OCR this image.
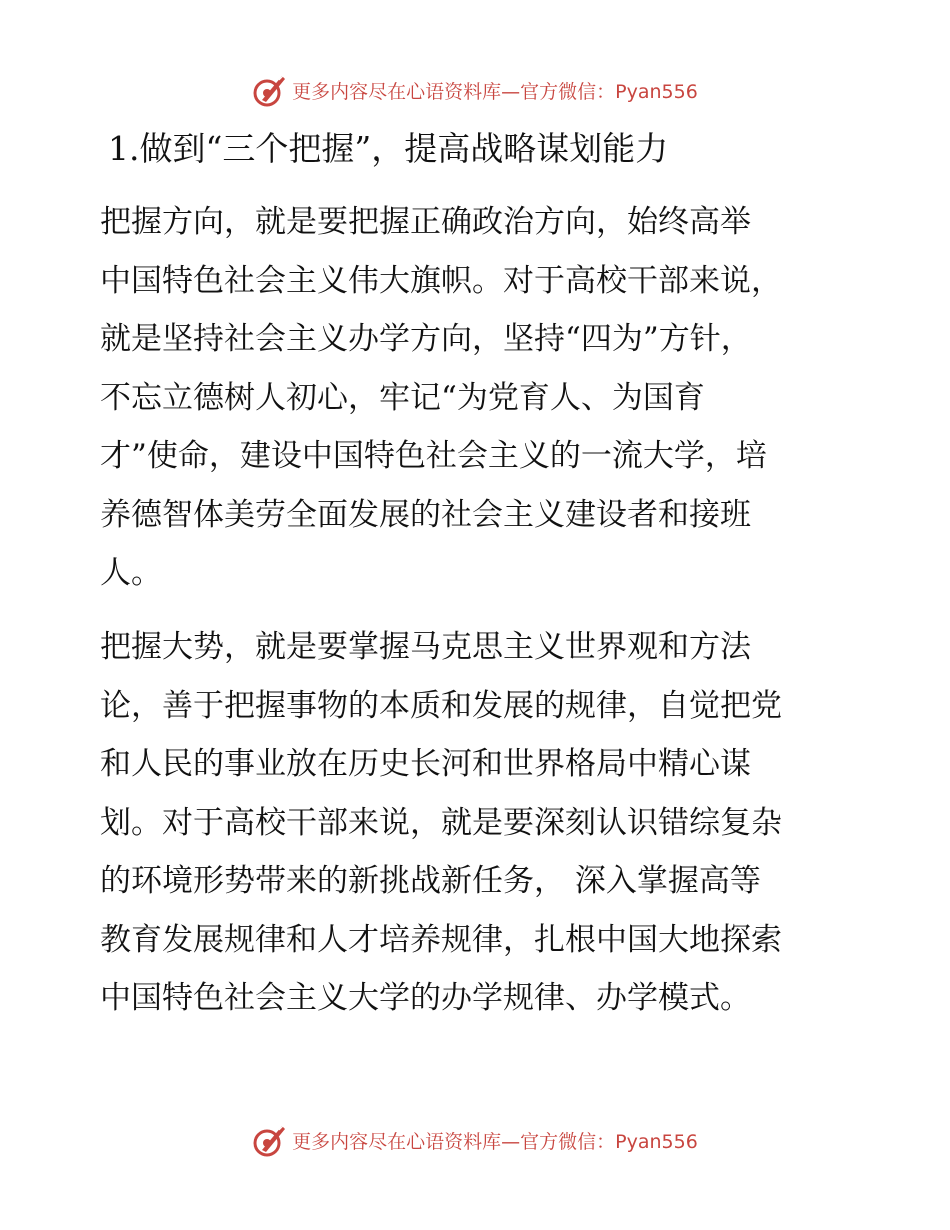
更多内容尽在心语资料库—官方微信：Pyan556
1.做到“三个把握”，提高战略谋划能力
把握方向，就是要把握正确政治方向，始终高举
中国特色社会主义伟大旗帜。对于高校干部来说，
就是坚持社会主义办学方向，坚持“四为”方针，
不忘立德树人初心，牢记“为党育人、为国育
才”使命，建设中国特色社会主义的一流大学，培
养德智体美劳全面发展的社会主义建设者和接班
人。
把握大势，就是要掌握马克思主义世界观和方法
论，善于把握事物的本质和发展的规律，自觉把党
和人民的事业放在历史长河和世界格局中精心谋
划。对于高校干部来说，就是要深刻认识错综复杂
的环境形势带来的新挑战新任务， 深入掌握高等
教育发展规律和人才培养规律，扎根中国大地探索
中国特色社会主义大学的办学规律、办学模式。
更多内容尽在心语资料库—官方微信：Pyan556
